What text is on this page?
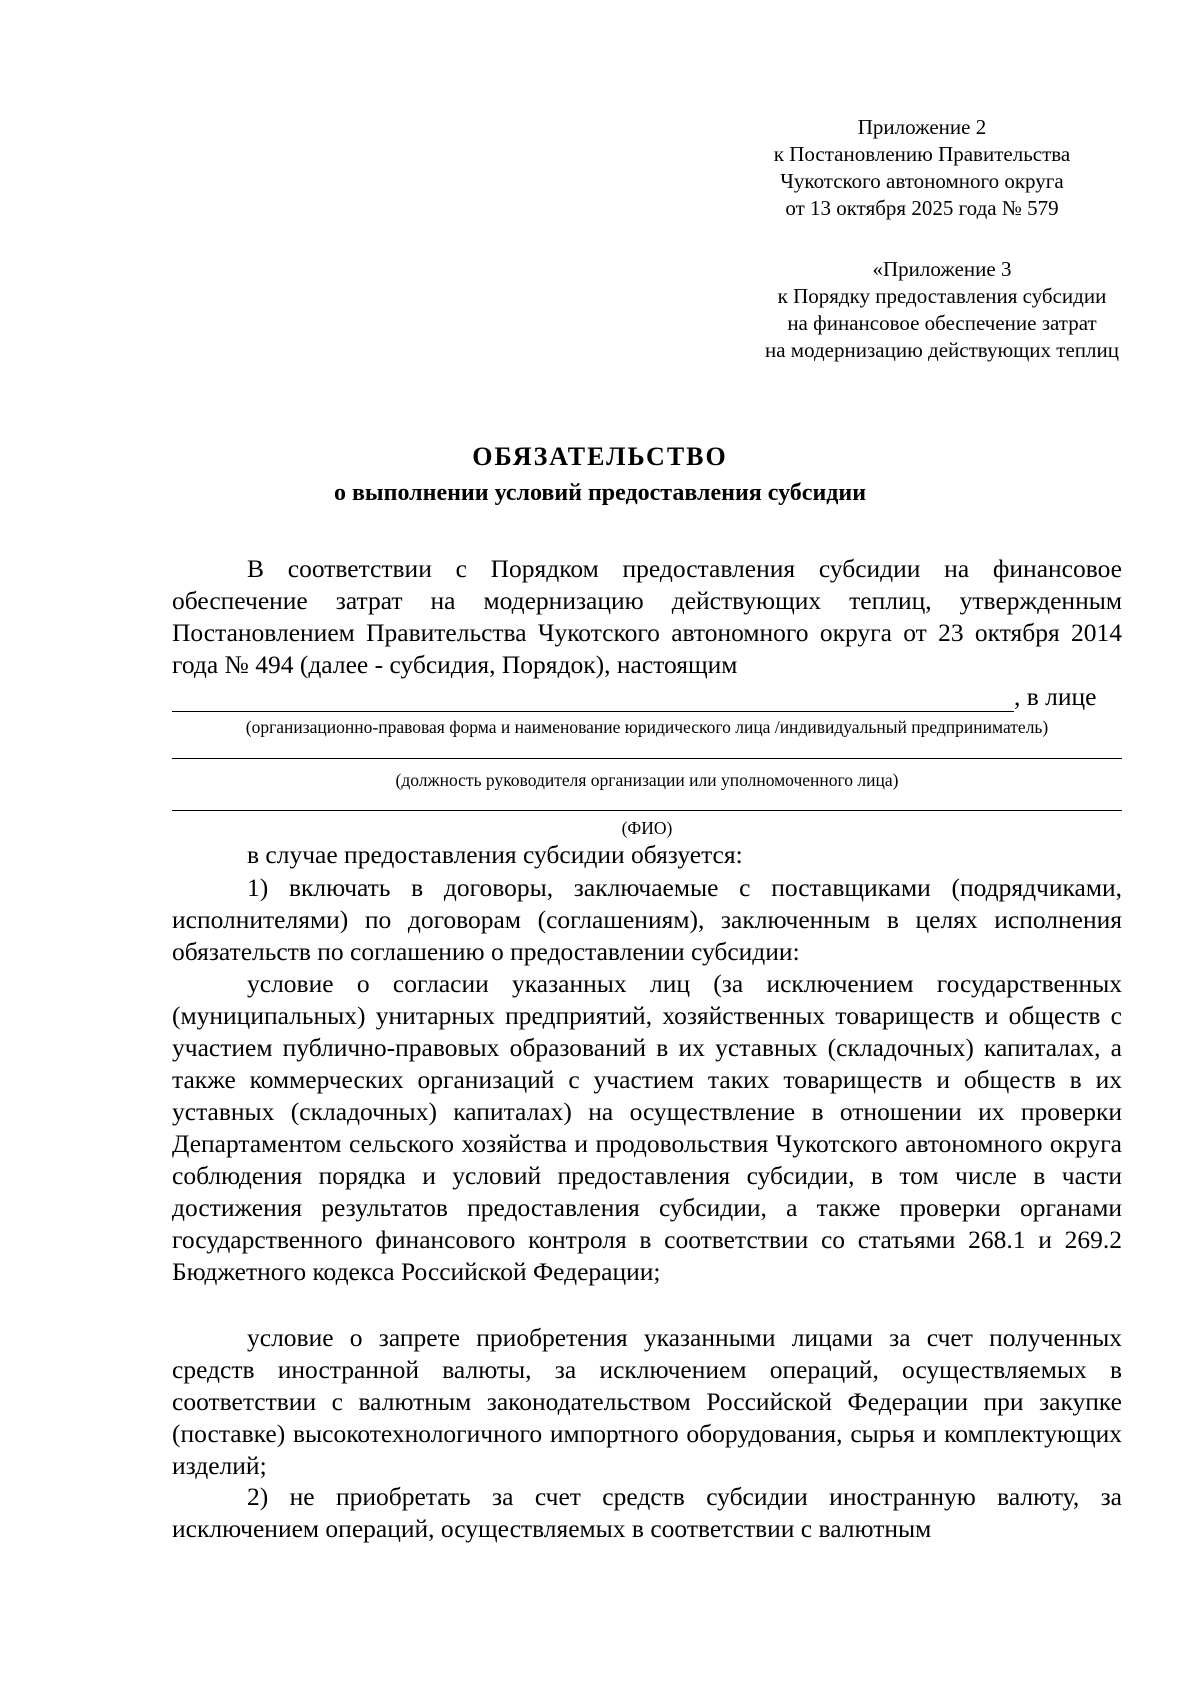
Приложение 2
к Постановлению Правительства
Чукотского автономного округа
от 13 октября 2025 года № 579
«Приложение 3
к Порядку предоставления субсидии
на финансовое обеспечение затрат
на модернизацию действующих теплиц
ОБЯЗАТЕЛЬСТВО
о выполнении условий предоставления субсидии
В соответствии с Порядком предоставления субсидии на финансовое обеспечение затрат на модернизацию действующих теплиц, утвержденным Постановлением Правительства Чукотского автономного округа от 23 октября 2014 года № 494 (далее - субсидия, Порядок), настоящим
, в лице
(организационно-правовая форма и наименование юридического лица /индивидуальный предприниматель)
(должность руководителя организации или уполномоченного лица)
(ФИО)
в случае предоставления субсидии обязуется:
1) включать в договоры, заключаемые с поставщиками (подрядчиками, исполнителями) по договорам (соглашениям), заключенным в целях исполнения обязательств по соглашению о предоставлении субсидии:
условие о согласии указанных лиц (за исключением государственных (муниципальных) унитарных предприятий, хозяйственных товариществ и обществ с участием публично-правовых образований в их уставных (складочных) капиталах, а также коммерческих организаций с участием таких товариществ и обществ в их уставных (складочных) капиталах) на осуществление в отношении их проверки Департаментом сельского хозяйства и продовольствия Чукотского автономного округа соблюдения порядка и условий предоставления субсидии, в том числе в части достижения результатов предоставления субсидии, а также проверки органами государственного финансового контроля в соответствии со статьями 268.1 и 269.2 Бюджетного кодекса Российской Федерации;
условие о запрете приобретения указанными лицами за счет полученных средств иностранной валюты, за исключением операций, осуществляемых в соответствии с валютным законодательством Российской Федерации при закупке (поставке) высокотехнологичного импортного оборудования, сырья и комплектующих изделий;
2) не приобретать за счет средств субсидии иностранную валюту, за исключением операций, осуществляемых в соответствии с валютным
